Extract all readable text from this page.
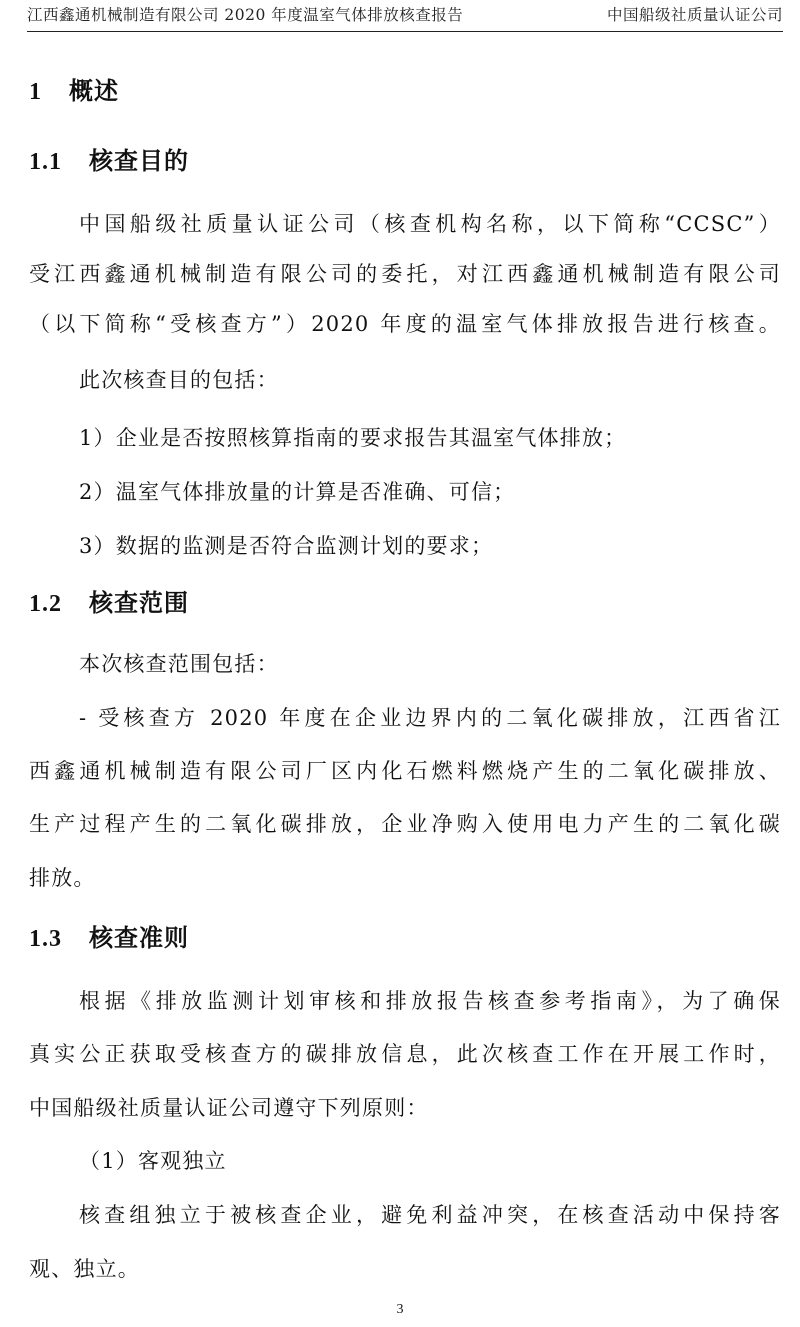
江西鑫通机械制造有限公司 2020 年度温室气体排放核查报告	中国船级社质量认证公司
1 概述
1.1 核查目的
中国船级社质量认证公司（核查机构名称，以下简称“CCSC”）
受江西鑫通机械制造有限公司的委托，对江西鑫通机械制造有限公司
（以下简称“受核查方”）2020 年度的温室气体排放报告进行核查。
此次核查目的包括：
1）企业是否按照核算指南的要求报告其温室气体排放；
2）温室气体排放量的计算是否准确、可信；
3）数据的监测是否符合监测计划的要求；
1.2 核查范围
本次核查范围包括：
- 受核查方 2020 年度在企业边界内的二氧化碳排放，江西省江
西鑫通机械制造有限公司厂区内化石燃料燃烧产生的二氧化碳排放、
生产过程产生的二氧化碳排放，企业净购入使用电力产生的二氧化碳
排放。
1.3 核查准则
根据《排放监测计划审核和排放报告核查参考指南》，为了确保
真实公正获取受核查方的碳排放信息，此次核查工作在开展工作时，
中国船级社质量认证公司遵守下列原则：
（1）客观独立
核查组独立于被核查企业，避免利益冲突，在核查活动中保持客
观、独立。
3
